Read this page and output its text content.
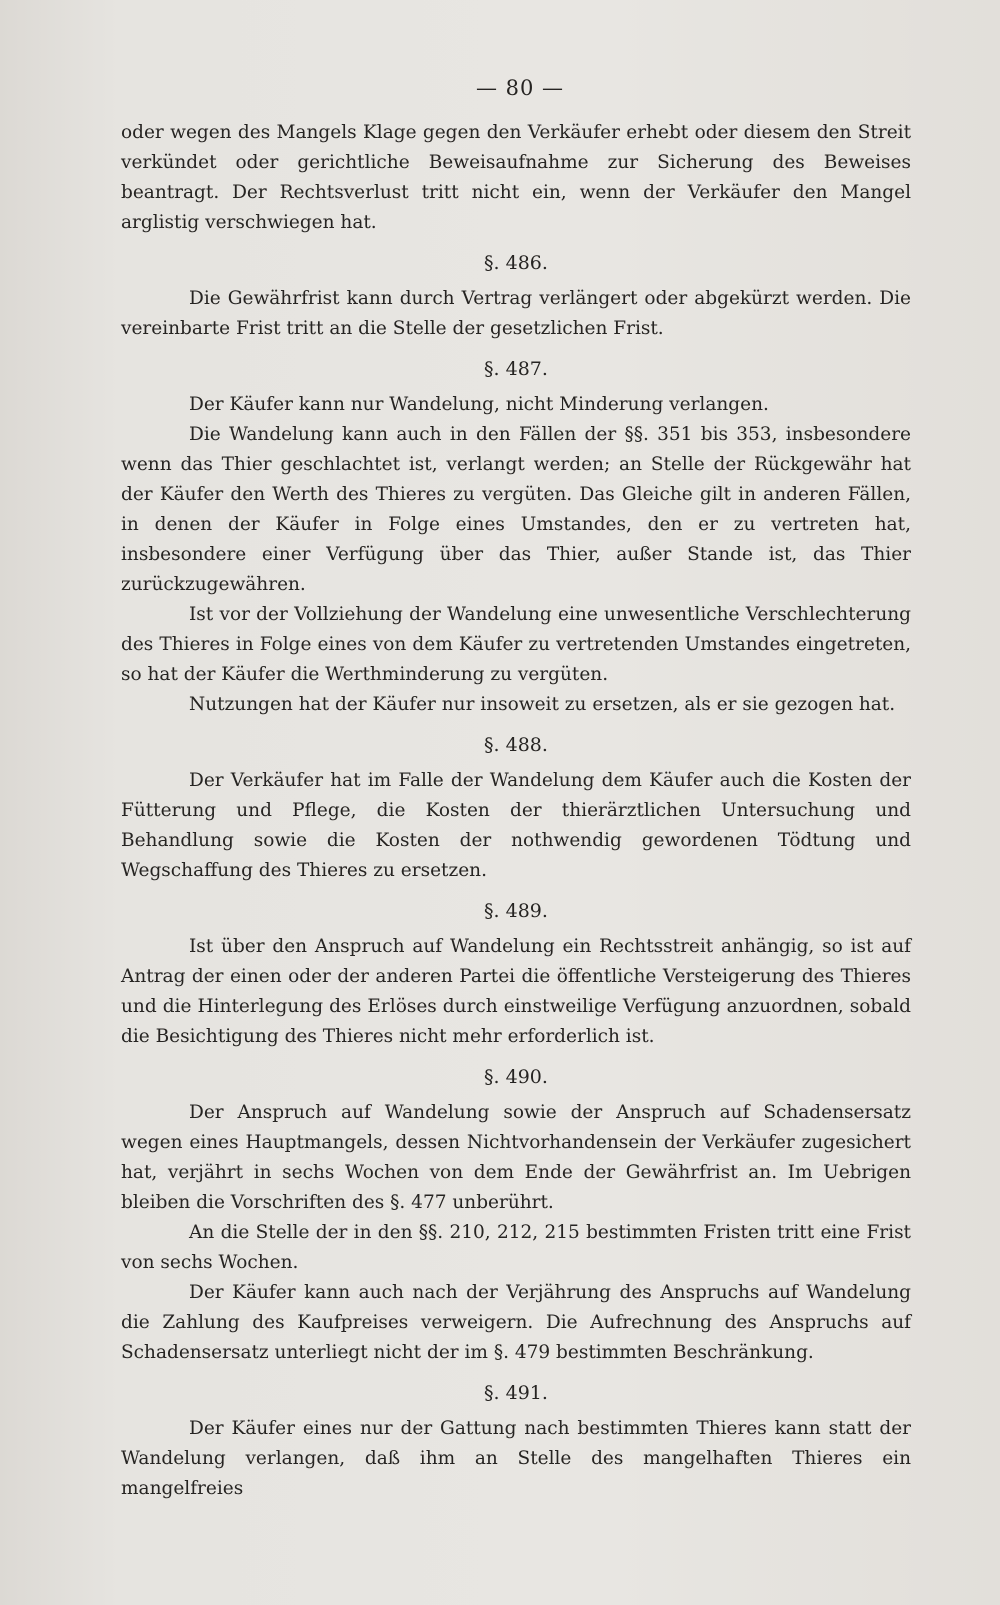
— 80 —

oder wegen des Mangels Klage gegen den Verkäufer erhebt oder diesem den Streit verkündet oder gerichtliche Beweisaufnahme zur Sicherung des Beweises beantragt. Der Rechtsverlust tritt nicht ein, wenn der Verkäufer den Mangel arglistig verschwiegen hat.

§. 486.

Die Gewährfrist kann durch Vertrag verlängert oder abgekürzt werden. Die vereinbarte Frist tritt an die Stelle der gesetzlichen Frist.

§. 487.

Der Käufer kann nur Wandelung, nicht Minderung verlangen.

Die Wandelung kann auch in den Fällen der §§. 351 bis 353, insbesondere wenn das Thier geschlachtet ist, verlangt werden; an Stelle der Rückgewähr hat der Käufer den Werth des Thieres zu vergüten. Das Gleiche gilt in anderen Fällen, in denen der Käufer in Folge eines Umstandes, den er zu vertreten hat, insbesondere einer Verfügung über das Thier, außer Stande ist, das Thier zurückzugewähren.

Ist vor der Vollziehung der Wandelung eine unwesentliche Verschlechterung des Thieres in Folge eines von dem Käufer zu vertretenden Umstandes eingetreten, so hat der Käufer die Werthminderung zu vergüten.

Nutzungen hat der Käufer nur insoweit zu ersetzen, als er sie gezogen hat.

§. 488.

Der Verkäufer hat im Falle der Wandelung dem Käufer auch die Kosten der Fütterung und Pflege, die Kosten der thierärztlichen Untersuchung und Behandlung sowie die Kosten der nothwendig gewordenen Tödtung und Wegschaffung des Thieres zu ersetzen.

§. 489.

Ist über den Anspruch auf Wandelung ein Rechtsstreit anhängig, so ist auf Antrag der einen oder der anderen Partei die öffentliche Versteigerung des Thieres und die Hinterlegung des Erlöses durch einstweilige Verfügung anzuordnen, sobald die Besichtigung des Thieres nicht mehr erforderlich ist.

§. 490.

Der Anspruch auf Wandelung sowie der Anspruch auf Schadensersatz wegen eines Hauptmangels, dessen Nichtvorhandensein der Verkäufer zugesichert hat, verjährt in sechs Wochen von dem Ende der Gewährfrist an. Im Uebrigen bleiben die Vorschriften des §. 477 unberührt.

An die Stelle der in den §§. 210, 212, 215 bestimmten Fristen tritt eine Frist von sechs Wochen.

Der Käufer kann auch nach der Verjährung des Anspruchs auf Wandelung die Zahlung des Kaufpreises verweigern. Die Aufrechnung des Anspruchs auf Schadensersatz unterliegt nicht der im §. 479 bestimmten Beschränkung.

§. 491.

Der Käufer eines nur der Gattung nach bestimmten Thieres kann statt der Wandelung verlangen, daß ihm an Stelle des mangelhaften Thieres ein mangelfreies
